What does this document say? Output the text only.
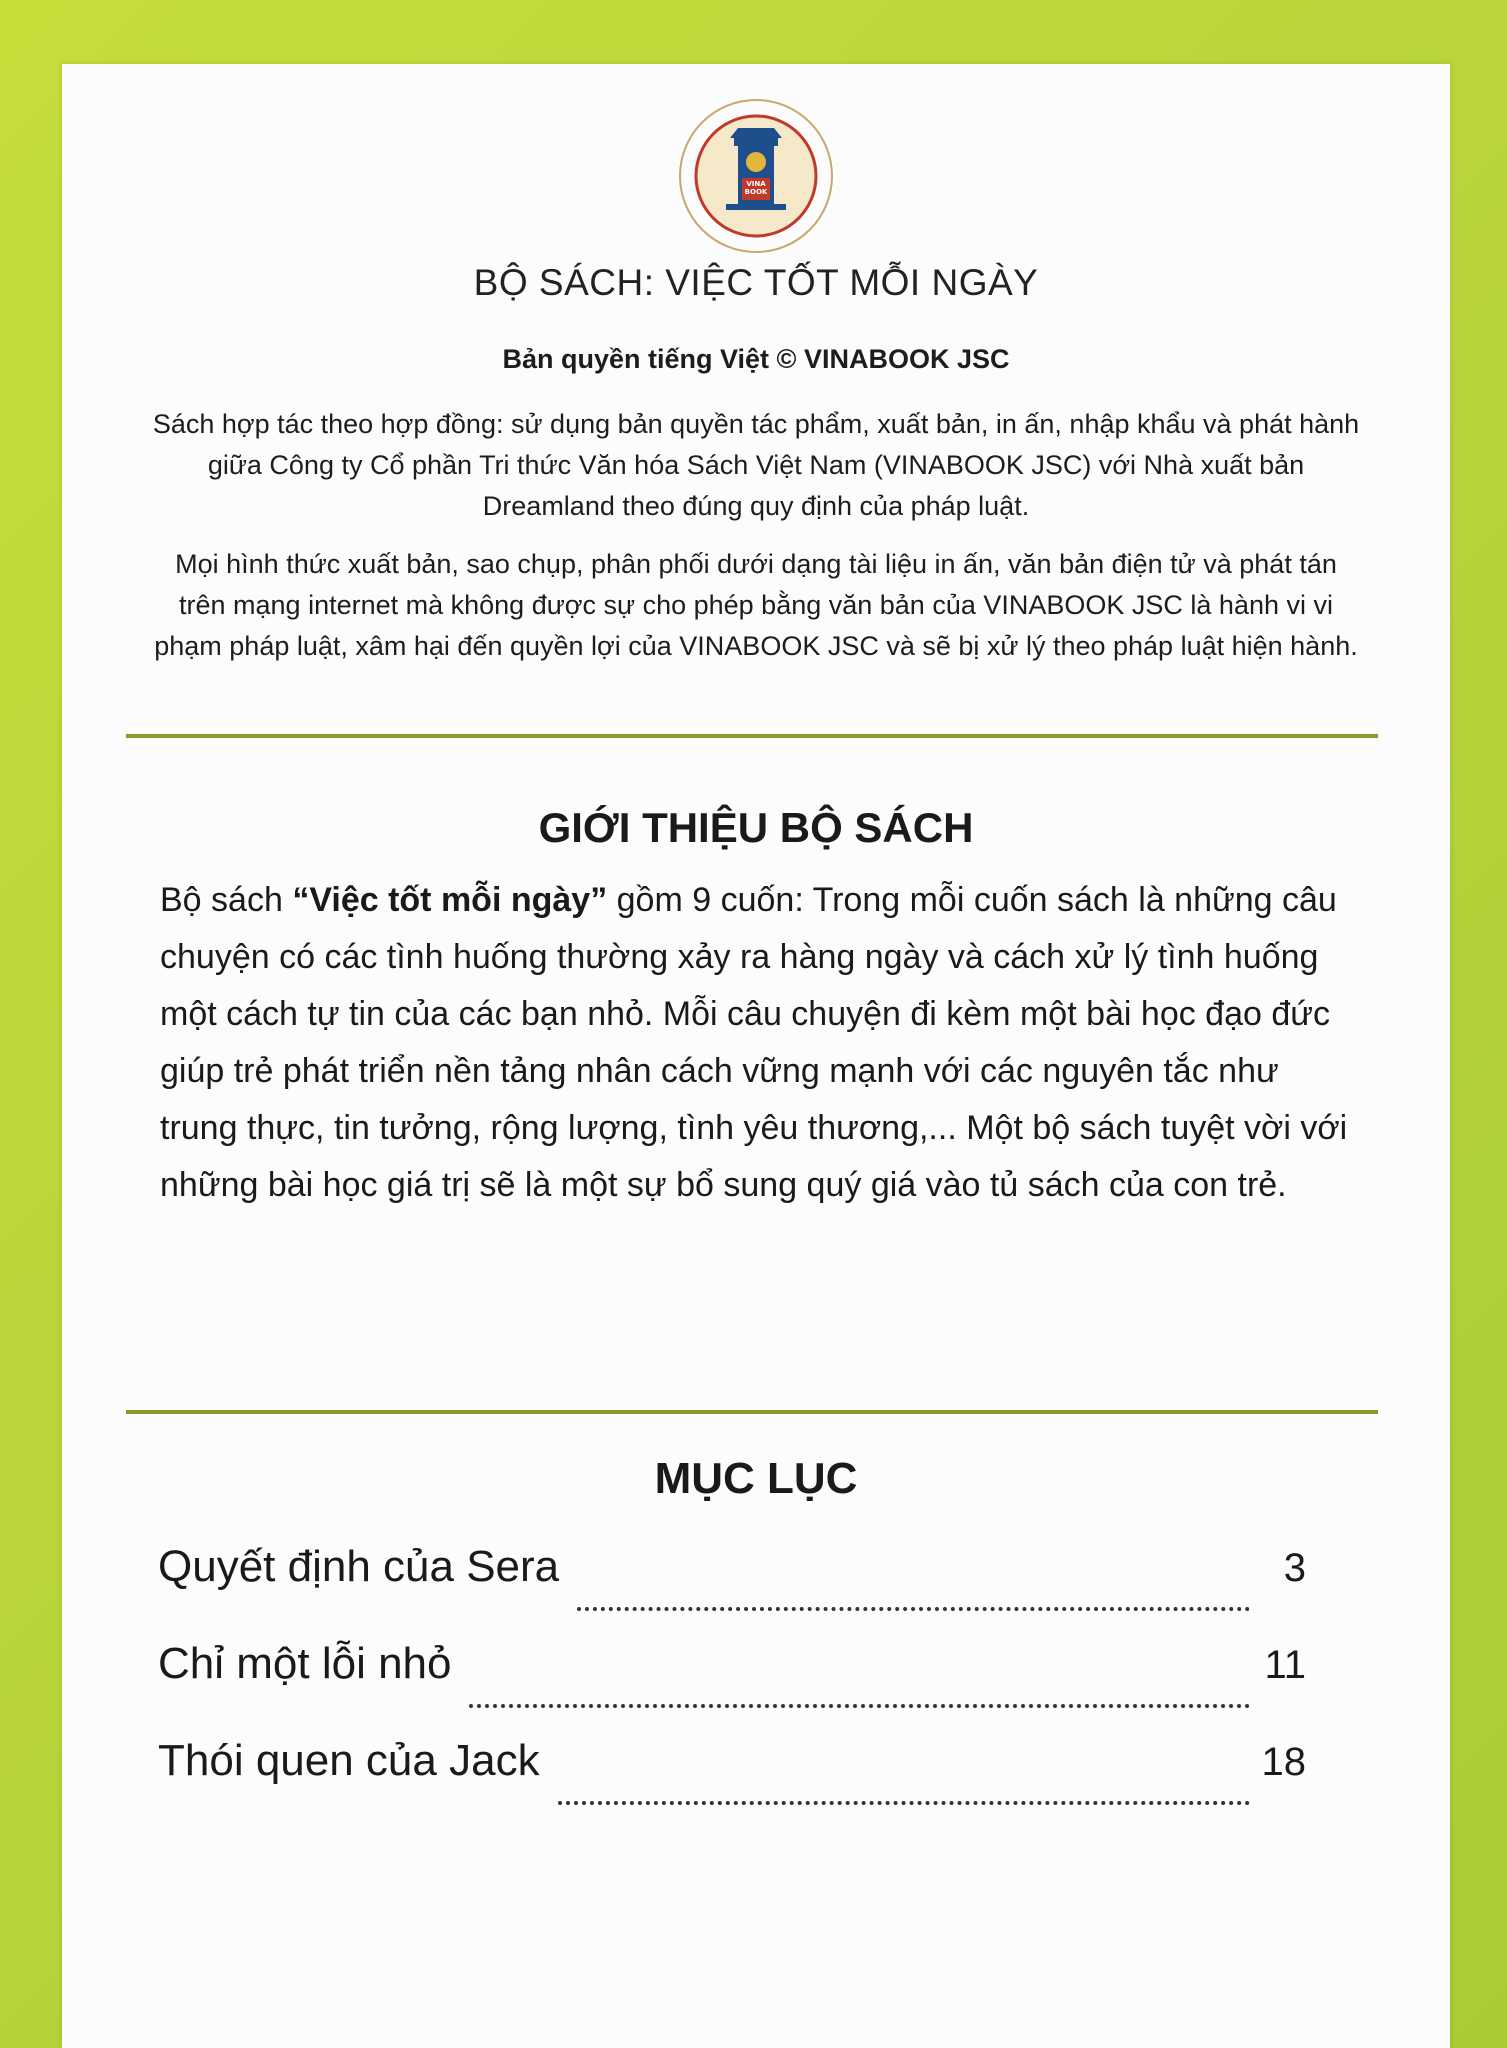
VINA
BOOK
BỘ SÁCH: VIỆC TỐT MỖI NGÀY
Bản quyền tiếng Việt © VINABOOK JSC
Sách hợp tác theo hợp đồng: sử dụng bản quyền tác phẩm, xuất bản, in ấn, nhập khẩu và phát hành giữa Công ty Cổ phần Tri thức Văn hóa Sách Việt Nam (VINABOOK JSC) với Nhà xuất bản Dreamland theo đúng quy định của pháp luật.
Mọi hình thức xuất bản, sao chụp, phân phối dưới dạng tài liệu in ấn, văn bản điện tử và phát tán trên mạng internet mà không được sự cho phép bằng văn bản của VINABOOK JSC là hành vi vi phạm pháp luật, xâm hại đến quyền lợi của VINABOOK JSC và sẽ bị xử lý theo pháp luật hiện hành.
GIỚI THIỆU BỘ SÁCH
Bộ sách “Việc tốt mỗi ngày” gồm 9 cuốn: Trong mỗi cuốn sách là những câu chuyện có các tình huống thường xảy ra hàng ngày và cách xử lý tình huống một cách tự tin của các bạn nhỏ. Mỗi câu chuyện đi kèm một bài học đạo đức giúp trẻ phát triển nền tảng nhân cách vững mạnh với các nguyên tắc như trung thực, tin tưởng, rộng lượng, tình yêu thương,... Một bộ sách tuyệt vời với những bài học giá trị sẽ là một sự bổ sung quý giá vào tủ sách của con trẻ.
MỤC LỤC
Quyết định của Sera	3
Chỉ một lỗi nhỏ	11
Thói quen của Jack	18
